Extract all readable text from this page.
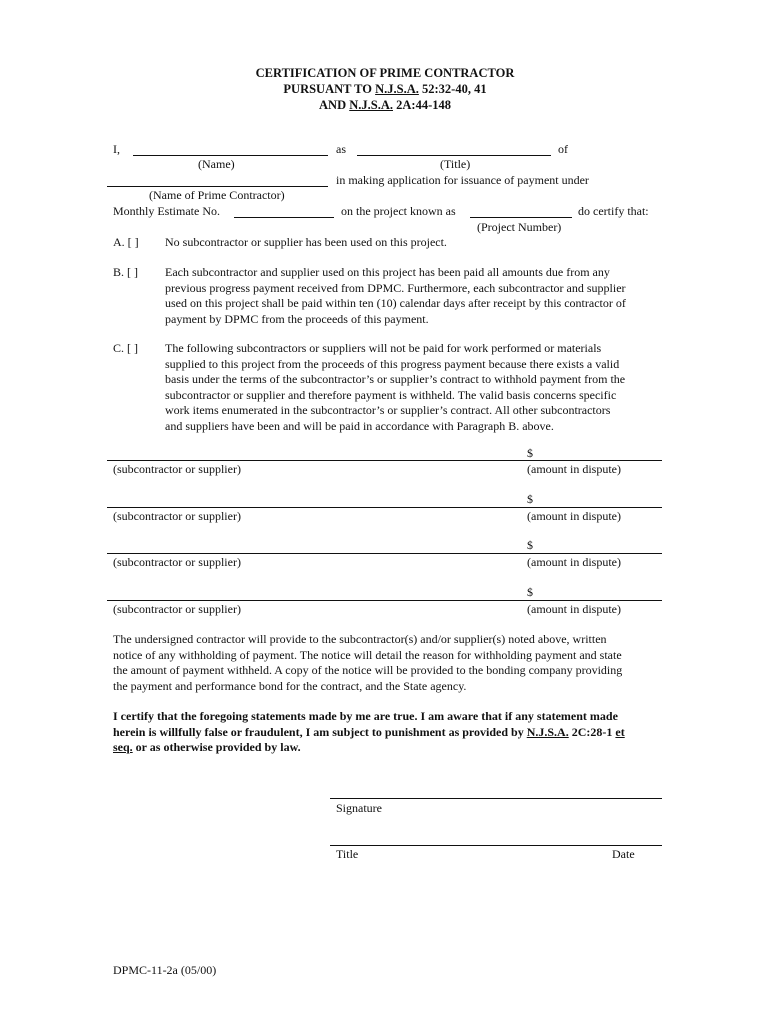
CERTIFICATION OF PRIME CONTRACTOR
PURSUANT TO N.J.S.A. 52:32-40, 41
AND N.J.S.A. 2A:44-148
I,	as	of
(Name)	(Title)
in making application for issuance of payment under
(Name of Prime Contractor)
Monthly Estimate No.	on the project known as	do certify that:
(Project Number)
A. [ ] No subcontractor or supplier has been used on this project.
B. [ ] Each subcontractor and supplier used on this project has been paid all amounts due from any
previous progress payment received from DPMC. Furthermore, each subcontractor and supplier
used on this project shall be paid within ten (10) calendar days after receipt by this contractor of
payment by DPMC from the proceeds of this payment.
C. [ ] The following subcontractors or suppliers will not be paid for work performed or materials
supplied to this project from the proceeds of this progress payment because there exists a valid
basis under the terms of the subcontractor’s or supplier’s contract to withhold payment from the
subcontractor or supplier and therefore payment is withheld. The valid basis concerns specific
work items enumerated in the subcontractor’s or supplier’s contract. All other subcontractors
and suppliers have been and will be paid in accordance with Paragraph B. above.
$
(subcontractor or supplier)	(amount in dispute)
$
(subcontractor or supplier)	(amount in dispute)
$
(subcontractor or supplier)	(amount in dispute)
$
(subcontractor or supplier)	(amount in dispute)
The undersigned contractor will provide to the subcontractor(s) and/or supplier(s) noted above, written
notice of any withholding of payment. The notice will detail the reason for withholding payment and state
the amount of payment withheld. A copy of the notice will be provided to the bonding company providing
the payment and performance bond for the contract, and the State agency.
I certify that the foregoing statements made by me are true. I am aware that if any statement made
herein is willfully false or fraudulent, I am subject to punishment as provided by N.J.S.A. 2C:28-1 et
seq. or as otherwise provided by law.
Signature
Title	Date
DPMC-11-2a (05/00)
